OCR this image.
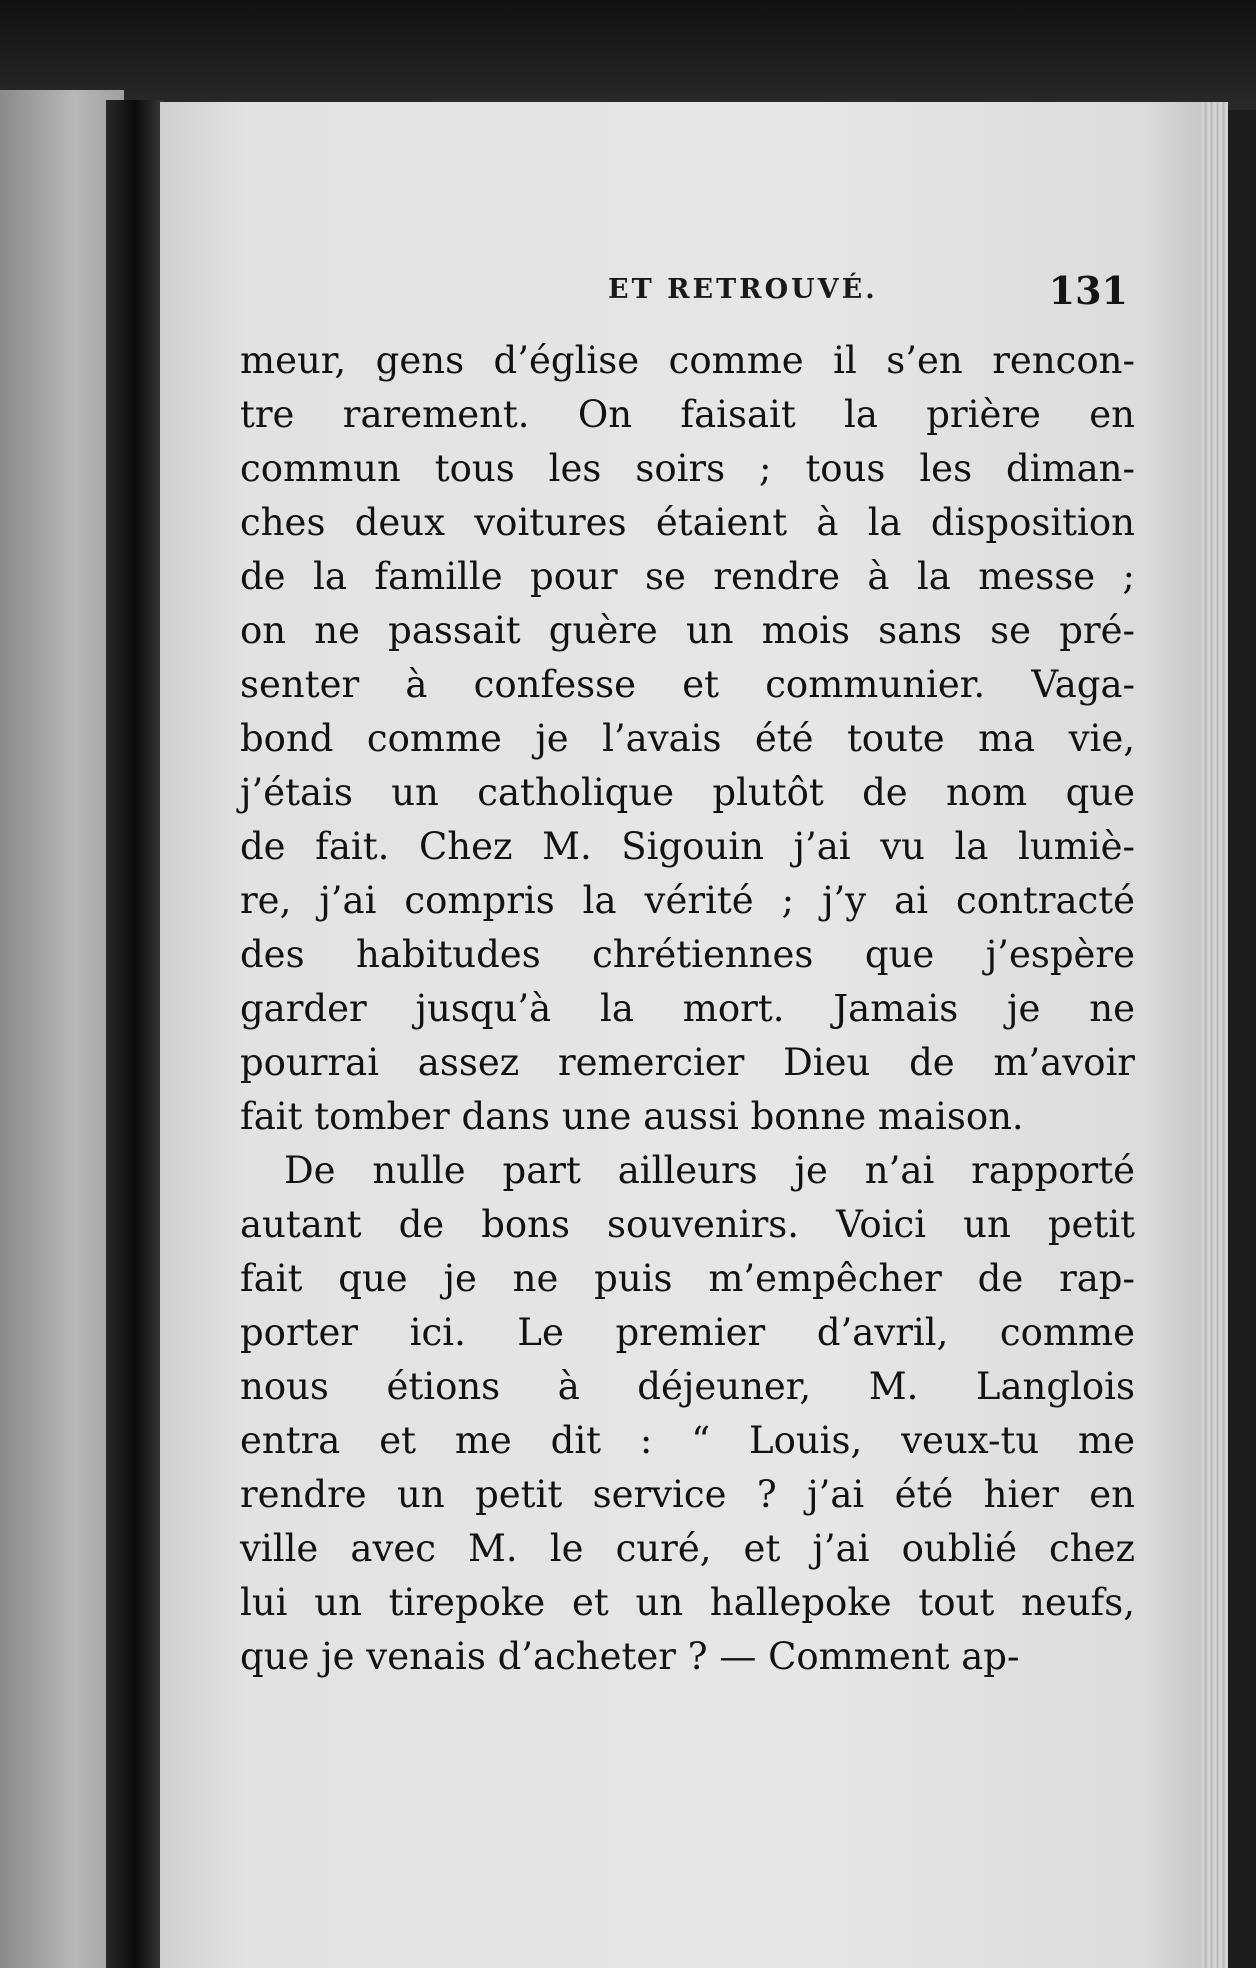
ET RETROUVÉ.	131
meur, gens d’église comme il s’en rencon-
tre rarement. On faisait la prière en
commun tous les soirs ; tous les diman-
ches deux voitures étaient à la disposition
de la famille pour se rendre à la messe ;
on ne passait guère un mois sans se pré-
senter à confesse et communier. Vaga-
bond comme je l’avais été toute ma vie,
j’étais un catholique plutôt de nom que
de fait. Chez M. Sigouin j’ai vu la lumiè-
re, j’ai compris la vérité ; j’y ai contracté
des habitudes chrétiennes que j’espère
garder jusqu’à la mort. Jamais je ne
pourrai assez remercier Dieu de m’avoir
fait tomber dans une aussi bonne maison.
De nulle part ailleurs je n’ai rapporté
autant de bons souvenirs. Voici un petit
fait que je ne puis m’empêcher de rap-
porter ici. Le premier d’avril, comme
nous étions à déjeuner, M. Langlois
entra et me dit : “ Louis, veux-tu me
rendre un petit service ? j’ai été hier en
ville avec M. le curé, et j’ai oublié chez
lui un tirepoke et un hallepoke tout neufs,
que je venais d’acheter ? — Comment ap-
